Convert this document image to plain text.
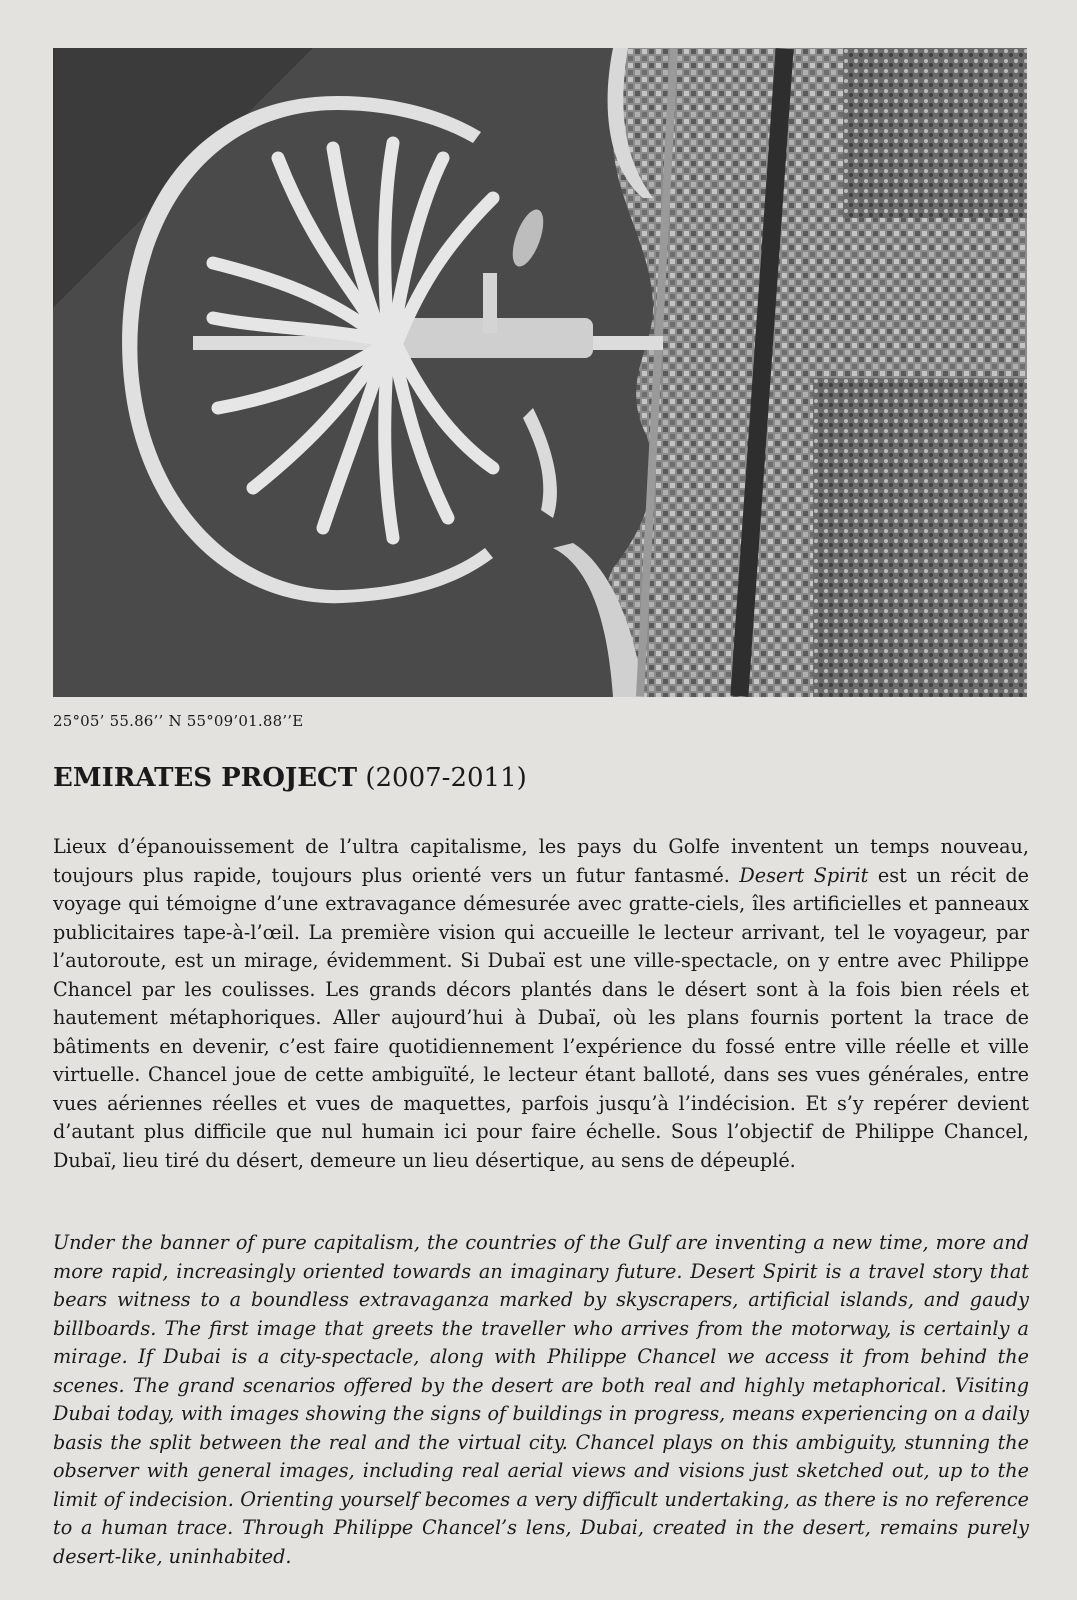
25°05’ 55.86’’ N 55°09’01.88’’E
EMIRATES PROJECT (2007-2011)

Lieux d’épanouissement de l’ultra capitalisme, les pays du Golfe inventent un temps nouveau, toujours plus rapide, toujours plus orienté vers un futur fantasmé. Desert Spirit est un récit de voyage qui témoigne d’une extravagance démesurée avec gratte-ciels, îles artificielles et panneaux publicitaires tape-à-l’œil. La première vision qui accueille le lecteur arrivant, tel le voyageur, par l’autoroute, est un mirage, évidemment. Si Dubaï est une ville-spectacle, on y entre avec Philippe Chancel par les coulisses. Les grands décors plantés dans le désert sont à la fois bien réels et hautement métaphoriques. Aller aujourd’hui à Dubaï, où les plans fournis portent la trace de bâtiments en devenir, c’est faire quotidiennement l’expérience du fossé entre ville réelle et ville virtuelle. Chancel joue de cette ambiguïté, le lecteur étant balloté, dans ses vues générales, entre vues aériennes réelles et vues de maquettes, parfois jusqu’à l’indécision. Et s’y repérer devient d’autant plus difficile que nul humain ici pour faire échelle. Sous l’objectif de Philippe Chancel, Dubaï, lieu tiré du désert, demeure un lieu désertique, au sens de dépeuplé.

Under the banner of pure capitalism, the countries of the Gulf are inventing a new time, more and more rapid, increasingly oriented towards an imaginary future. Desert Spirit is a travel story that bears witness to a boundless extravaganza marked by skyscrapers, artificial islands, and gaudy billboards. The first image that greets the traveller who arrives from the motorway, is certainly a mirage. If Dubai is a city-spectacle, along with Philippe Chancel we access it from behind the scenes. The grand scenarios offered by the desert are both real and highly metaphorical. Visiting Dubai today, with images showing the signs of buildings in progress, means experiencing on a daily basis the split between the real and the virtual city. Chancel plays on this ambiguity, stunning the observer with general images, including real aerial views and visions just sketched out, up to the limit of indecision. Orienting yourself becomes a very difficult undertaking, as there is no reference to a human trace. Through Philippe Chancel’s lens, Dubai, created in the desert, remains purely desert-like, uninhabited.
